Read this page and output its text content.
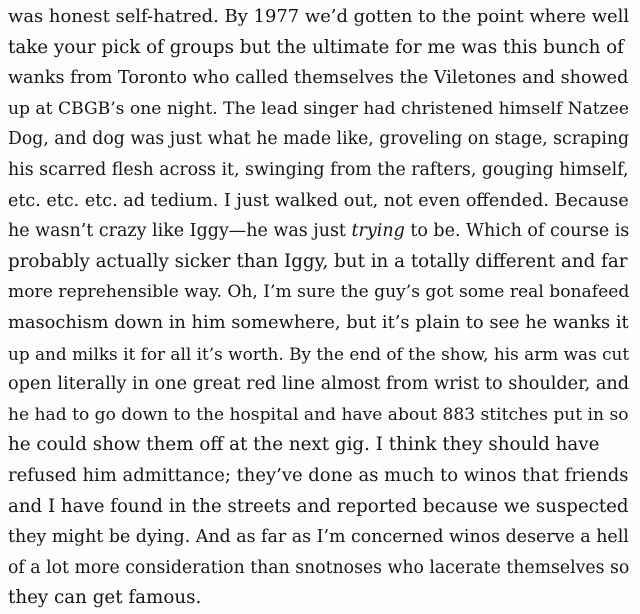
was honest self-hatred. By 1977 we’d gotten to the point where well
take your pick of groups but the ultimate for me was this bunch of
wanks from Toronto who called themselves the Viletones and showed
up at CBGB’s one night. The lead singer had christened himself Natzee
Dog, and dog was just what he made like, groveling on stage, scraping
his scarred flesh across it, swinging from the rafters, gouging himself,
etc. etc. etc. ad tedium. I just walked out, not even offended. Because
he wasn’t crazy like Iggy—he was just trying to be. Which of course is
probably actually sicker than Iggy, but in a totally different and far
more reprehensible way. Oh, I’m sure the guy’s got some real bonafeed
masochism down in him somewhere, but it’s plain to see he wanks it
up and milks it for all it’s worth. By the end of the show, his arm was cut
open literally in one great red line almost from wrist to shoulder, and
he had to go down to the hospital and have about 883 stitches put in so
he could show them off at the next gig. I think they should have
refused him admittance; they’ve done as much to winos that friends
and I have found in the streets and reported because we suspected
they might be dying. And as far as I’m concerned winos deserve a hell
of a lot more consideration than snotnoses who lacerate themselves so
they can get famous.
